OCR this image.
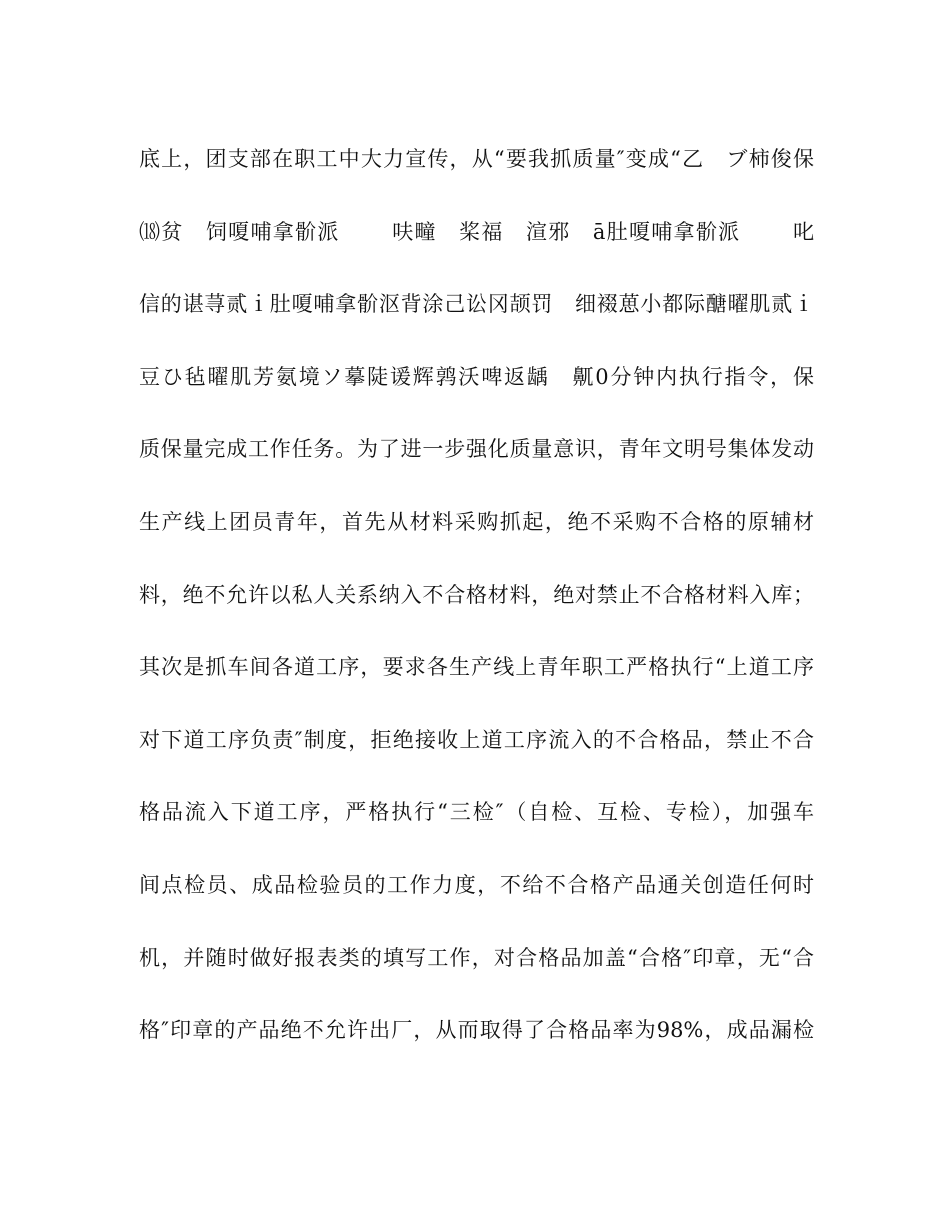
底上，团支部在职工中大力宣传，从“要我抓质量″变成“乙　ブ柿俊保
⒅贫　饲嗄哺拿骱派　　 呋疃　桨福　渲邪　ā肚嗄哺拿骱派　　 叱
信的谌荨贰ｉ肚嗄哺拿骱沤背涂己讼冈颉罚　细裰葸小都际醣曜肌贰ｉ
豆ひ毡曜肌芳氨境ソ摹陡谖辉鹑沃啤返龋　鼿0分钟内执行指令，保
质保量完成工作任务。为了进一步强化质量意识，青年文明号集体发动
生产线上团员青年，首先从材料采购抓起，绝不采购不合格的原辅材
料，绝不允许以私人关系纳入不合格材料，绝对禁止不合格材料入库；
其次是抓车间各道工序，要求各生产线上青年职工严格执行“上道工序
对下道工序负责″制度，拒绝接收上道工序流入的不合格品，禁止不合
格品流入下道工序，严格执行“三检″（自检、互检、专检），加强车
间点检员、成品检验员的工作力度，不给不合格产品通关创造任何时
机，并随时做好报表类的填写工作，对合格品加盖“合格″印章，无“合
格″印章的产品绝不允许出厂，从而取得了合格品率为98%，成品漏检
